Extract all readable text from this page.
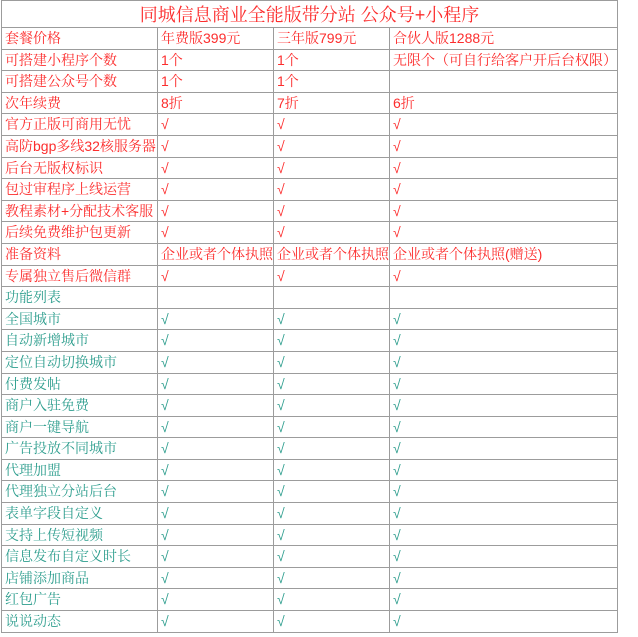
同城信息商业全能版带分站 公众号+小程序			
套餐价格	年费版399元	三年版799元	合伙人版1288元
可搭建小程序个数	1个	1个	无限个（可自行给客户开后台权限）
可搭建公众号个数	1个	1个	
次年续费	8折	7折	6折
官方正版可商用无忧	√	√	√
高防bgp多线32核服务器	√	√	√
后台无版权标识	√	√	√
包过审程序上线运营	√	√	√
教程素材+分配技术客服	√	√	√
后续免费维护包更新	√	√	√
准备资料	企业或者个体执照	企业或者个体执照	企业或者个体执照(赠送)
专属独立售后微信群	√	√	√
功能列表			
全国城市	√	√	√
自动新增城市	√	√	√
定位自动切换城市	√	√	√
付费发帖	√	√	√
商户入驻免费	√	√	√
商户一键导航	√	√	√
广告投放不同城市	√	√	√
代理加盟	√	√	√
代理独立分站后台	√	√	√
表单字段自定义	√	√	√
支持上传短视频	√	√	√
信息发布自定义时长	√	√	√
店铺添加商品	√	√	√
红包广告	√	√	√
说说动态	√	√	√
